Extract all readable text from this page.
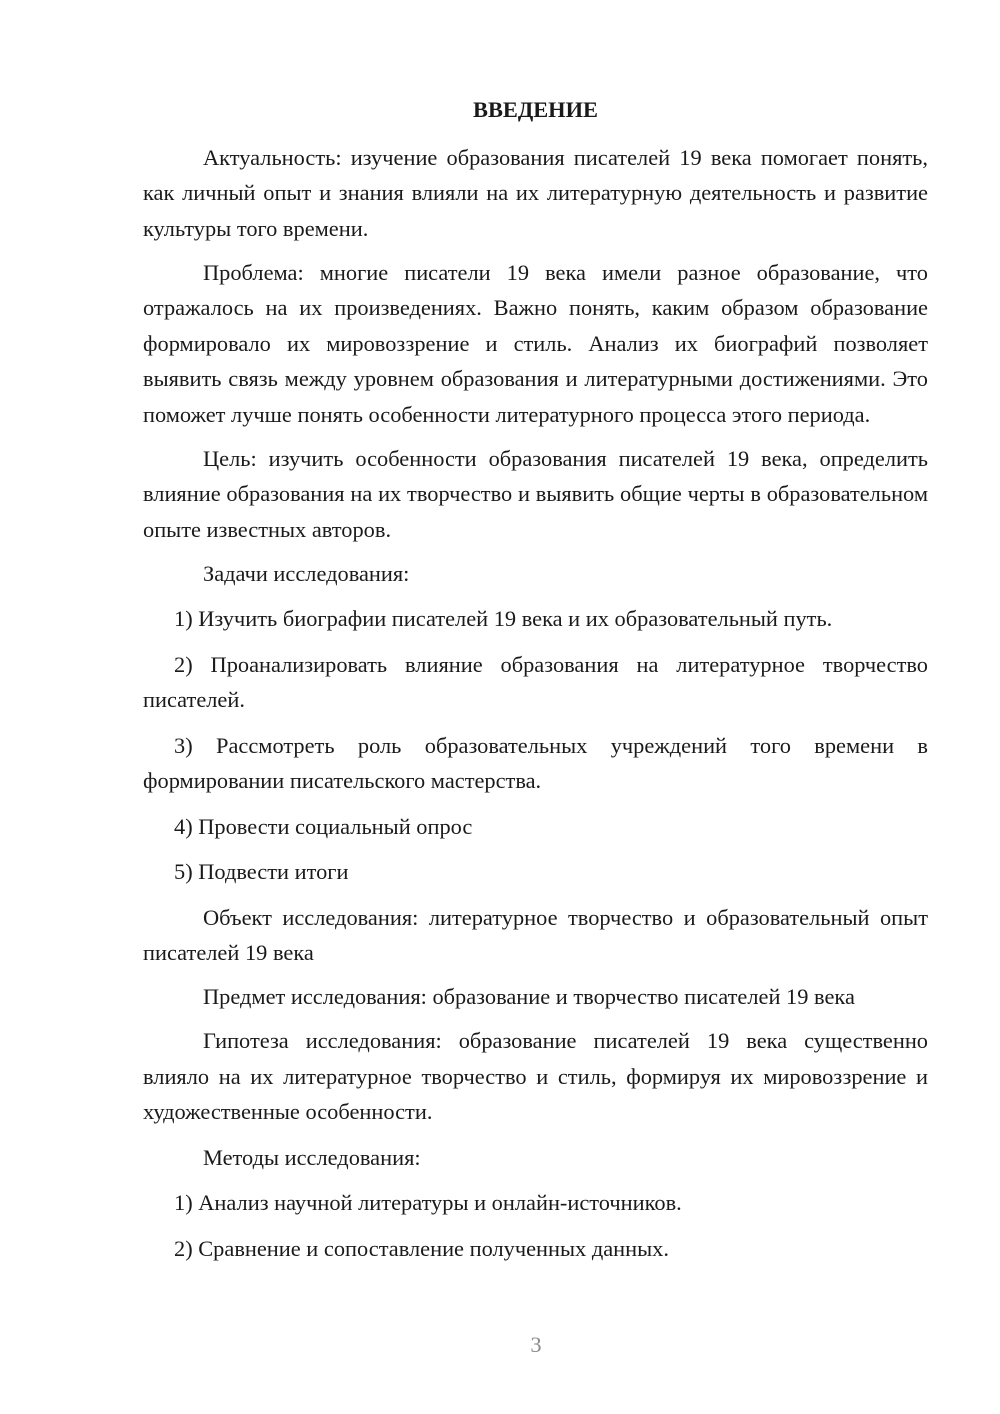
ВВЕДЕНИЕ

Актуальность: изучение образования писателей 19 века помогает понять, как личный опыт и знания влияли на их литературную деятельность и развитие культуры того времени.

Проблема: многие писатели 19 века имели разное образование, что отражалось на их произведениях. Важно понять, каким образом образование формировало их мировоззрение и стиль. Анализ их биографий позволяет выявить связь между уровнем образования и литературными достижениями. Это поможет лучше понять особенности литературного процесса этого периода.

Цель: изучить особенности образования писателей 19 века, определить влияние образования на их творчество и выявить общие черты в образовательном опыте известных авторов.

Задачи исследования:

1) Изучить биографии писателей 19 века и их образовательный путь.

2) Проанализировать влияние образования на литературное творчество писателей.

3) Рассмотреть роль образовательных учреждений того времени в формировании писательского мастерства.

4) Провести социальный опрос

5) Подвести итоги

Объект исследования: литературное творчество и образовательный опыт писателей 19 века

Предмет исследования: образование и творчество писателей 19 века

Гипотеза исследования: образование писателей 19 века существенно влияло на их литературное творчество и стиль, формируя их мировоззрение и художественные особенности.

Методы исследования:

1) Анализ научной литературы и онлайн-источников.

2) Сравнение и сопоставление полученных данных.

3
